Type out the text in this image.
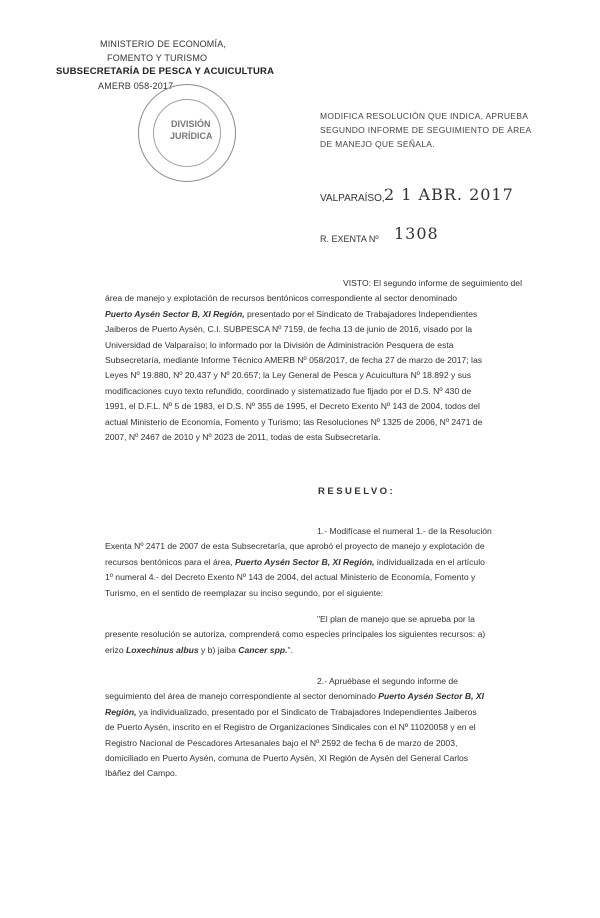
MINISTERIO DE ECONOMÍA,
FOMENTO Y TURISMO
SUBSECRETARÍA DE PESCA Y ACUICULTURA
AMERB 058-2017
DIVISIÓN
JURÍDICA
MODIFICA RESOLUCIÓN QUE INDICA, APRUEBA
SEGUNDO INFORME DE SEGUIMIENTO DE ÁREA
DE MANEJO QUE SEÑALA.
VALPARAÍSO, 2 1 ABR. 2017
R. EXENTA Nº 1308
VISTO: El segundo informe de seguimiento del
área de manejo y explotación de recursos bentónicos correspondiente al sector denominado
Puerto Aysén Sector B, XI Región, presentado por el Sindicato de Trabajadores Independientes
Jaiberos de Puerto Aysén, C.I. SUBPESCA Nº 7159, de fecha 13 de junio de 2016, visado por la
Universidad de Valparaíso; lo informado por la División de Administración Pesquera de esta
Subsecretaría, mediante Informe Técnico AMERB Nº 058/2017, de fecha 27 de marzo de 2017; las
Leyes Nº 19.880, Nº 20.437 y Nº 20.657; la Ley General de Pesca y Acuicultura Nº 18.892 y sus
modificaciones cuyo texto refundido, coordinado y sistematizado fue fijado por el D.S. Nº 430 de
1991, el D.F.L. Nº 5 de 1983, el D.S. Nº 355 de 1995, el Decreto Exento Nº 143 de 2004, todos del
actual Ministerio de Economía, Fomento y Turismo; las Resoluciones Nº 1325 de 2006, Nº 2471 de
2007, Nº 2467 de 2010 y Nº 2023 de 2011, todas de esta Subsecretaría.
RESUELVO:
1.- Modifícase el numeral 1.- de la Resolución
Exenta Nº 2471 de 2007 de esta Subsecretaría, que aprobó el proyecto de manejo y explotación de
recursos bentónicos para el área, Puerto Aysén Sector B, XI Región, individualizada en el artículo
1º numeral 4.- del Decreto Exento Nº 143 de 2004, del actual Ministerio de Economía, Fomento y
Turismo, en el sentido de reemplazar su inciso segundo, por el siguiente:
"El plan de manejo que se aprueba por la
presente resolución se autoriza, comprenderá como especies principales los siguientes recursos: a)
erizo Loxechinus albus y b) jaiba Cancer spp.".
2.- Apruébase el segundo informe de
seguimiento del área de manejo correspondiente al sector denominado Puerto Aysén Sector B, XI
Región, ya individualizado, presentado por el Sindicato de Trabajadores Independientes Jaiberos
de Puerto Aysén, inscrito en el Registro de Organizaciones Sindicales con el Nº 11020058 y en el
Registro Nacional de Pescadores Artesanales bajo el Nº 2592 de fecha 6 de marzo de 2003,
domiciliado en Puerto Aysén, comuna de Puerto Aysén, XI Región de Aysén del General Carlos
Ibáñez del Campo.
